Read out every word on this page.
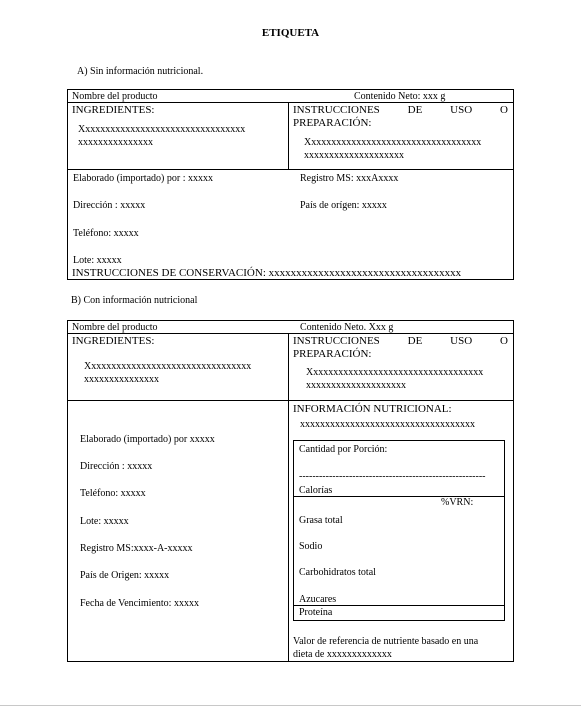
ETIQUETA
A) Sin información nutricional.
Nombre del producto	Contenido Neto: xxx g
INGREDIENTES:
Xxxxxxxxxxxxxxxxxxxxxxxxxxxxxxxxx
xxxxxxxxxxxxxxx
INSTRUCCIONES	DE	USO	O
PREPARACIÓN:
Xxxxxxxxxxxxxxxxxxxxxxxxxxxxxxxxxxx
xxxxxxxxxxxxxxxxxxxx
Elaborado (importado) por : xxxxx	Registro MS: xxxAxxxx
Dirección : xxxxx	País de orígen: xxxxx
Teléfono: xxxxx
Lote: xxxxx
INSTRUCCIONES DE CONSERVACIÓN: xxxxxxxxxxxxxxxxxxxxxxxxxxxxxxxxxxx
B) Con información nutricional
Nombre del producto	Contenido Neto. Xxx g
INGREDIENTES:
Xxxxxxxxxxxxxxxxxxxxxxxxxxxxxxxxx
xxxxxxxxxxxxxxx
INSTRUCCIONES	DE	USO	O
PREPARACIÓN:
Xxxxxxxxxxxxxxxxxxxxxxxxxxxxxxxxxxx
xxxxxxxxxxxxxxxxxxxx
Elaborado (importado) por xxxxx
Dirección : xxxxx
Teléfono: xxxxx
Lote: xxxxx
Registro MS:xxxx-A-xxxxx
País de Origen: xxxxx
Fecha de Vencimiento: xxxxx
INFORMACIÓN NUTRICIONAL:
xxxxxxxxxxxxxxxxxxxxxxxxxxxxxxxxxxx
Cantidad por Porción:
--------------------------------------------------------
Calorías
%VRN:
Grasa total
Sodio
Carbohidratos total
Azucares
Proteína
Valor de referencia de nutriente basado en una
dieta de xxxxxxxxxxxxx
